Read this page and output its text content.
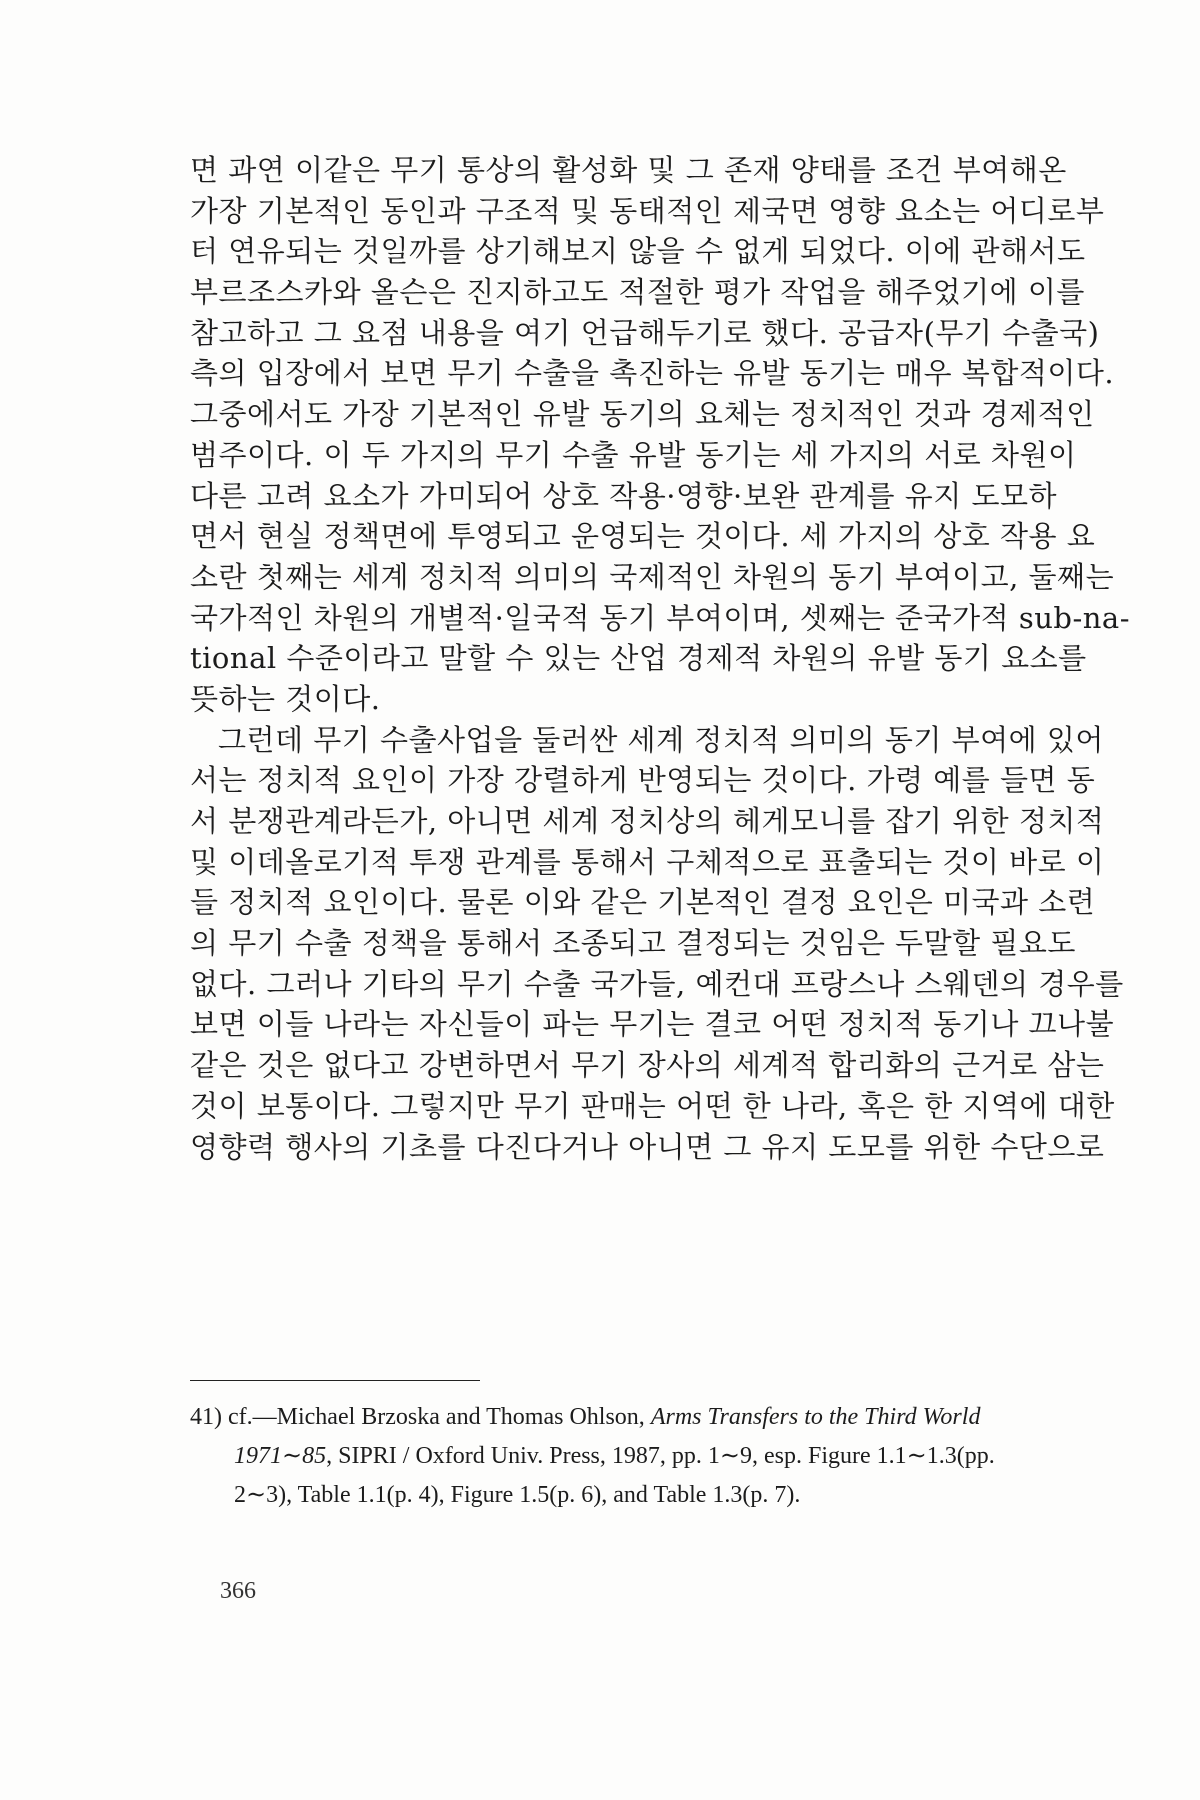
면 과연 이같은 무기 통상의 활성화 및 그 존재 양태를 조건 부여해온
가장 기본적인 동인과 구조적 및 동태적인 제국면 영향 요소는 어디로부
터 연유되는 것일까를 상기해보지 않을 수 없게 되었다. 이에 관해서도
부르조스카와 올슨은 진지하고도 적절한 평가 작업을 해주었기에 이를
참고하고 그 요점 내용을 여기 언급해두기로 했다. 공급자(무기 수출국)
측의 입장에서 보면 무기 수출을 촉진하는 유발 동기는 매우 복합적이다.
그중에서도 가장 기본적인 유발 동기의 요체는 정치적인 것과 경제적인
범주이다. 이 두 가지의 무기 수출 유발 동기는 세 가지의 서로 차원이
다른 고려 요소가 가미되어 상호 작용·영향·보완 관계를 유지 도모하
면서 현실 정책면에 투영되고 운영되는 것이다. 세 가지의 상호 작용 요
소란 첫째는 세계 정치적 의미의 국제적인 차원의 동기 부여이고, 둘째는
국가적인 차원의 개별적·일국적 동기 부여이며, 셋째는 준국가적 sub-na-
tional 수준이라고 말할 수 있는 산업 경제적 차원의 유발 동기 요소를
뜻하는 것이다.
그런데 무기 수출사업을 둘러싼 세계 정치적 의미의 동기 부여에 있어
서는 정치적 요인이 가장 강렬하게 반영되는 것이다. 가령 예를 들면 동
서 분쟁관계라든가, 아니면 세계 정치상의 헤게모니를 잡기 위한 정치적
및 이데올로기적 투쟁 관계를 통해서 구체적으로 표출되는 것이 바로 이
들 정치적 요인이다. 물론 이와 같은 기본적인 결정 요인은 미국과 소련
의 무기 수출 정책을 통해서 조종되고 결정되는 것임은 두말할 필요도
없다. 그러나 기타의 무기 수출 국가들, 예컨대 프랑스나 스웨덴의 경우를
보면 이들 나라는 자신들이 파는 무기는 결코 어떤 정치적 동기나 끄나불
같은 것은 없다고 강변하면서 무기 장사의 세계적 합리화의 근거로 삼는
것이 보통이다. 그렇지만 무기 판매는 어떤 한 나라, 혹은 한 지역에 대한
영향력 행사의 기초를 다진다거나 아니면 그 유지 도모를 위한 수단으로
41) cf.—Michael Brzoska and Thomas Ohlson, Arms Transfers to the Third World
1971∼85, SIPRI / Oxford Univ. Press, 1987, pp. 1∼9, esp. Figure 1.1∼1.3(pp.
2∼3), Table 1.1(p. 4), Figure 1.5(p. 6), and Table 1.3(p. 7).
366
